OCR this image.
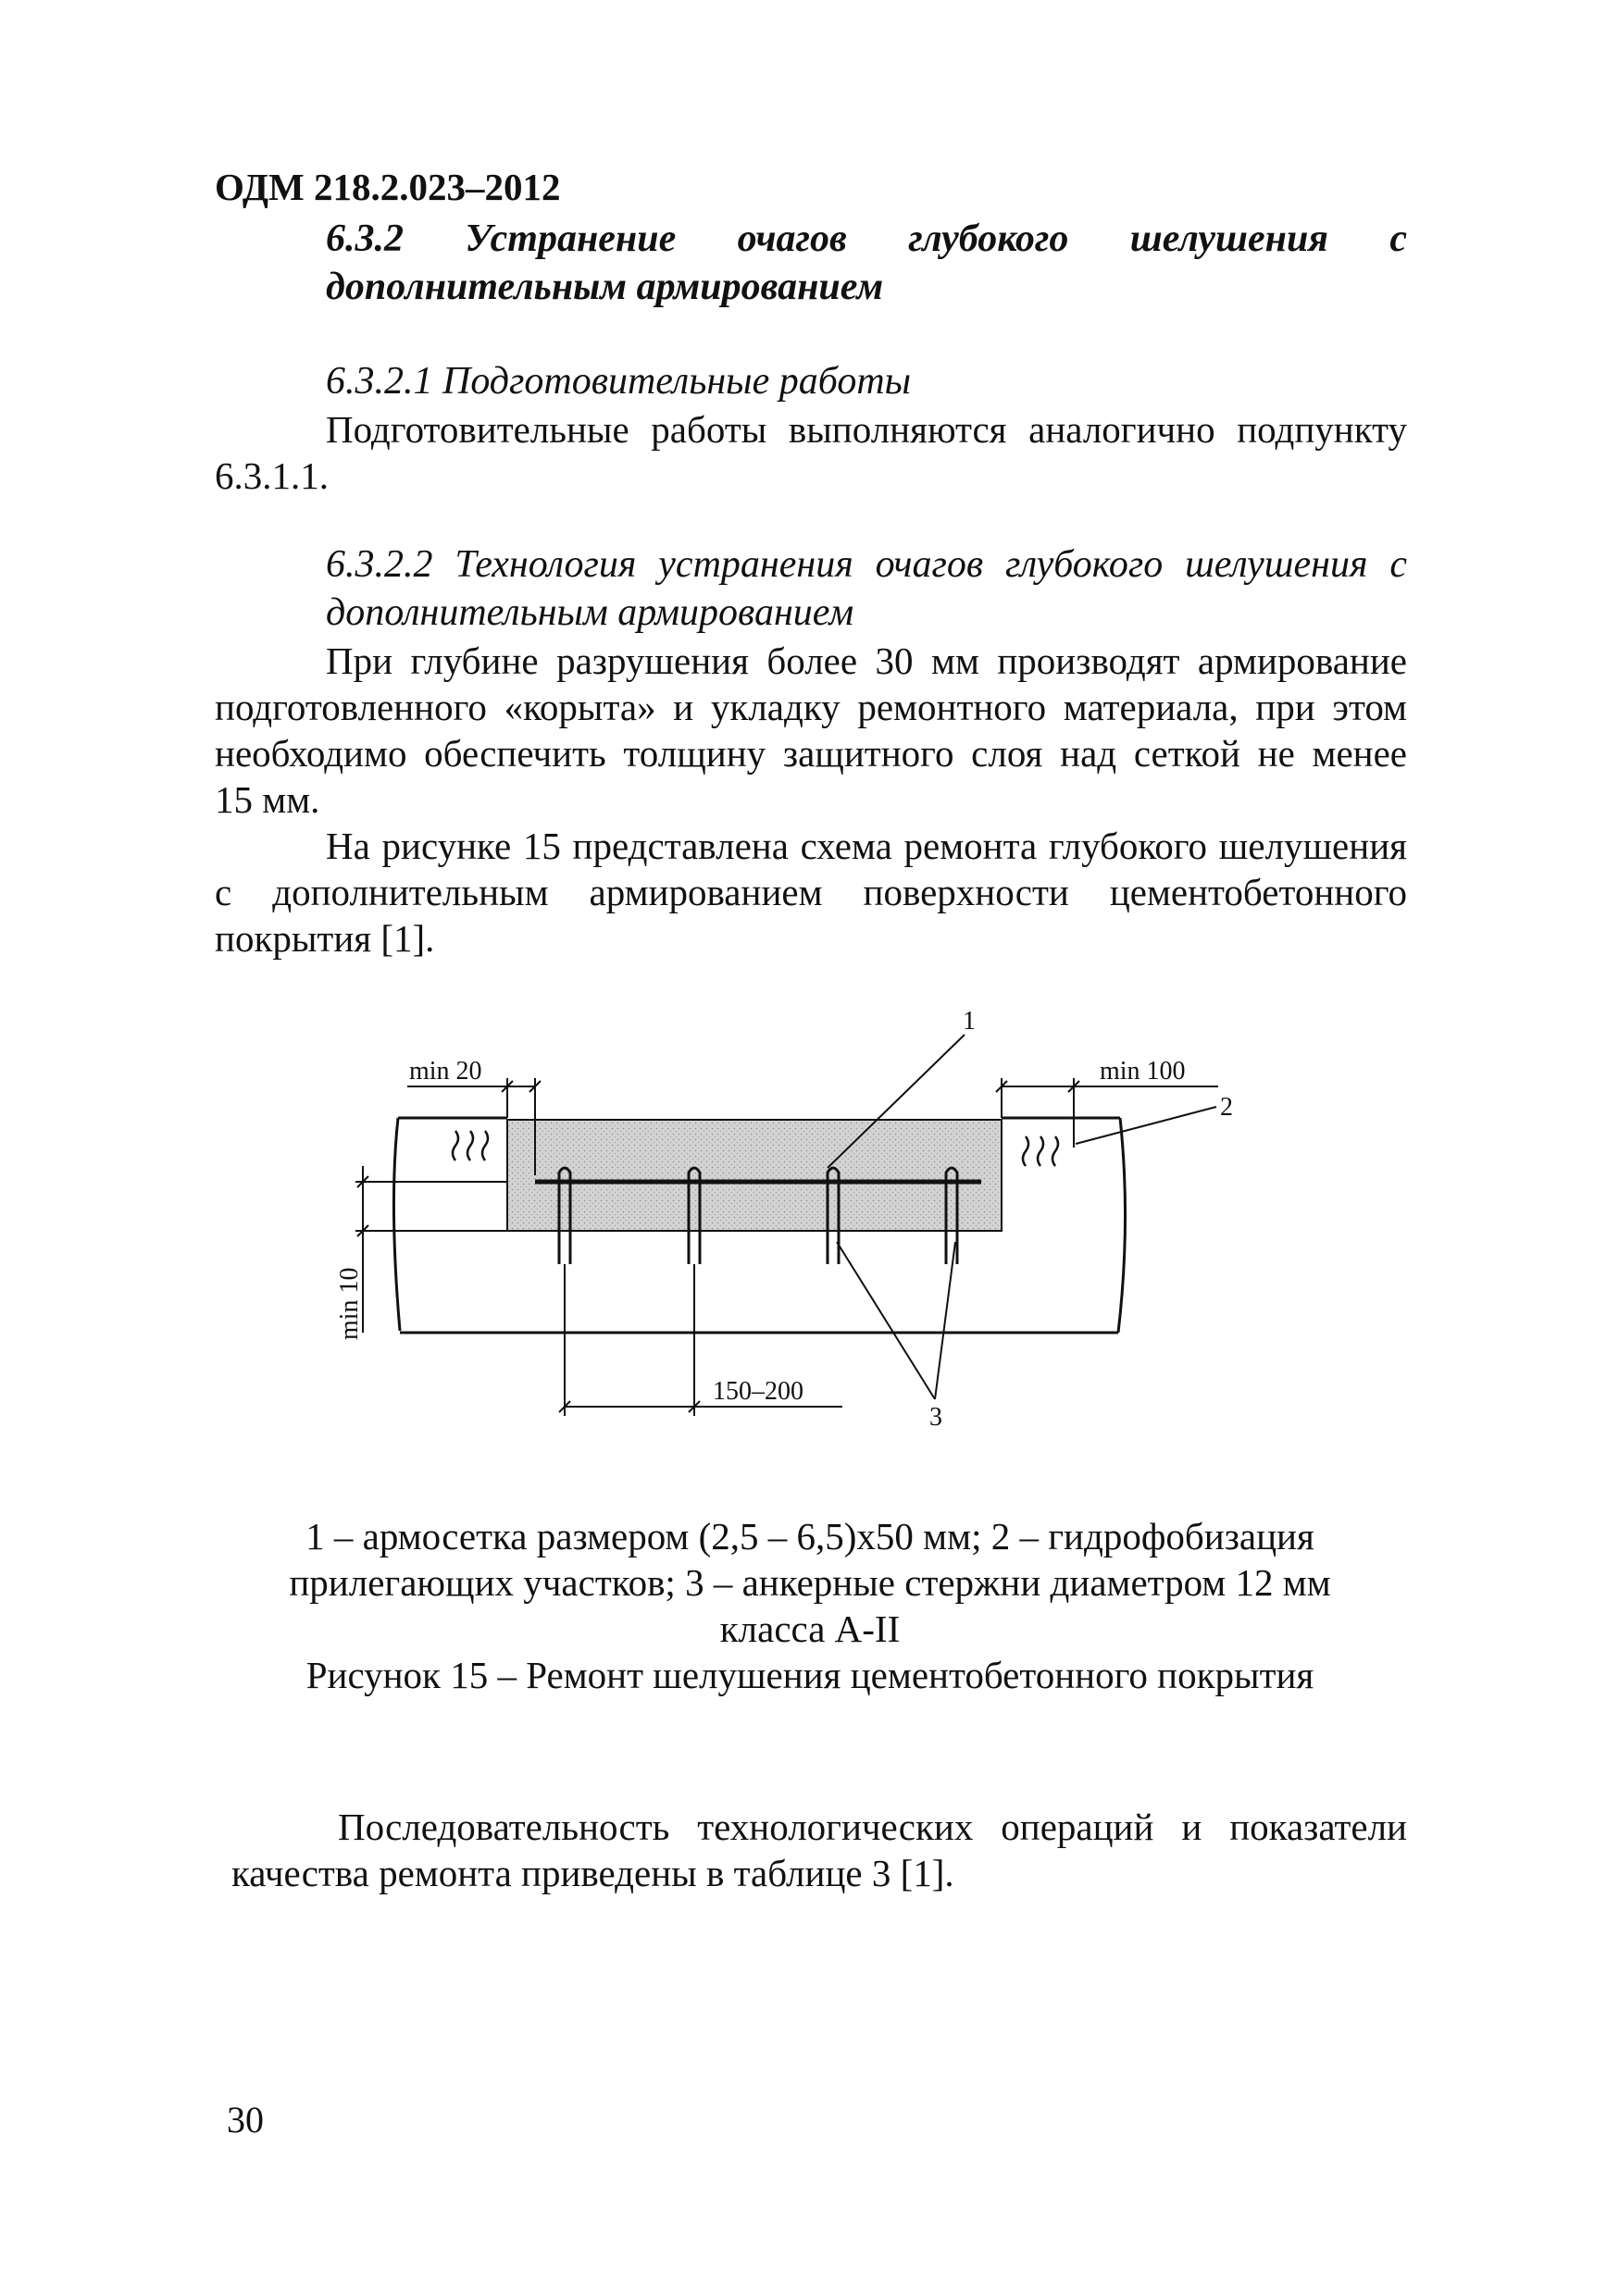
ОДМ 218.2.023–2012
6.3.2 Устранение очагов глубокого шелушения с
дополнительным армированием
6.3.2.1 Подготовительные работы
Подготовительные работы выполняются аналогично подпункту
6.3.1.1.
6.3.2.2 Технология устранения очагов глубокого шелушения с
дополнительным армированием
При глубине разрушения более 30 мм производят армирование
подготовленного «корыта» и укладку ремонтного материала, при этом
необходимо обеспечить толщину защитного слоя над сеткой не менее
15 мм.
На рисунке 15 представлена схема ремонта глубокого шелушения
с дополнительным армированием поверхности цементобетонного
покрытия [1].
min 20	min 100
min 10
150–200
1
2
3
1 – армосетка размером (2,5 – 6,5)х50 мм; 2 – гидрофобизация
прилегающих участков; 3 – анкерные стержни диаметром 12 мм
класса А-II
Рисунок 15 – Ремонт шелушения цементобетонного покрытия
Последовательность технологических операций и показатели
качества ремонта приведены в таблице 3 [1].
30
